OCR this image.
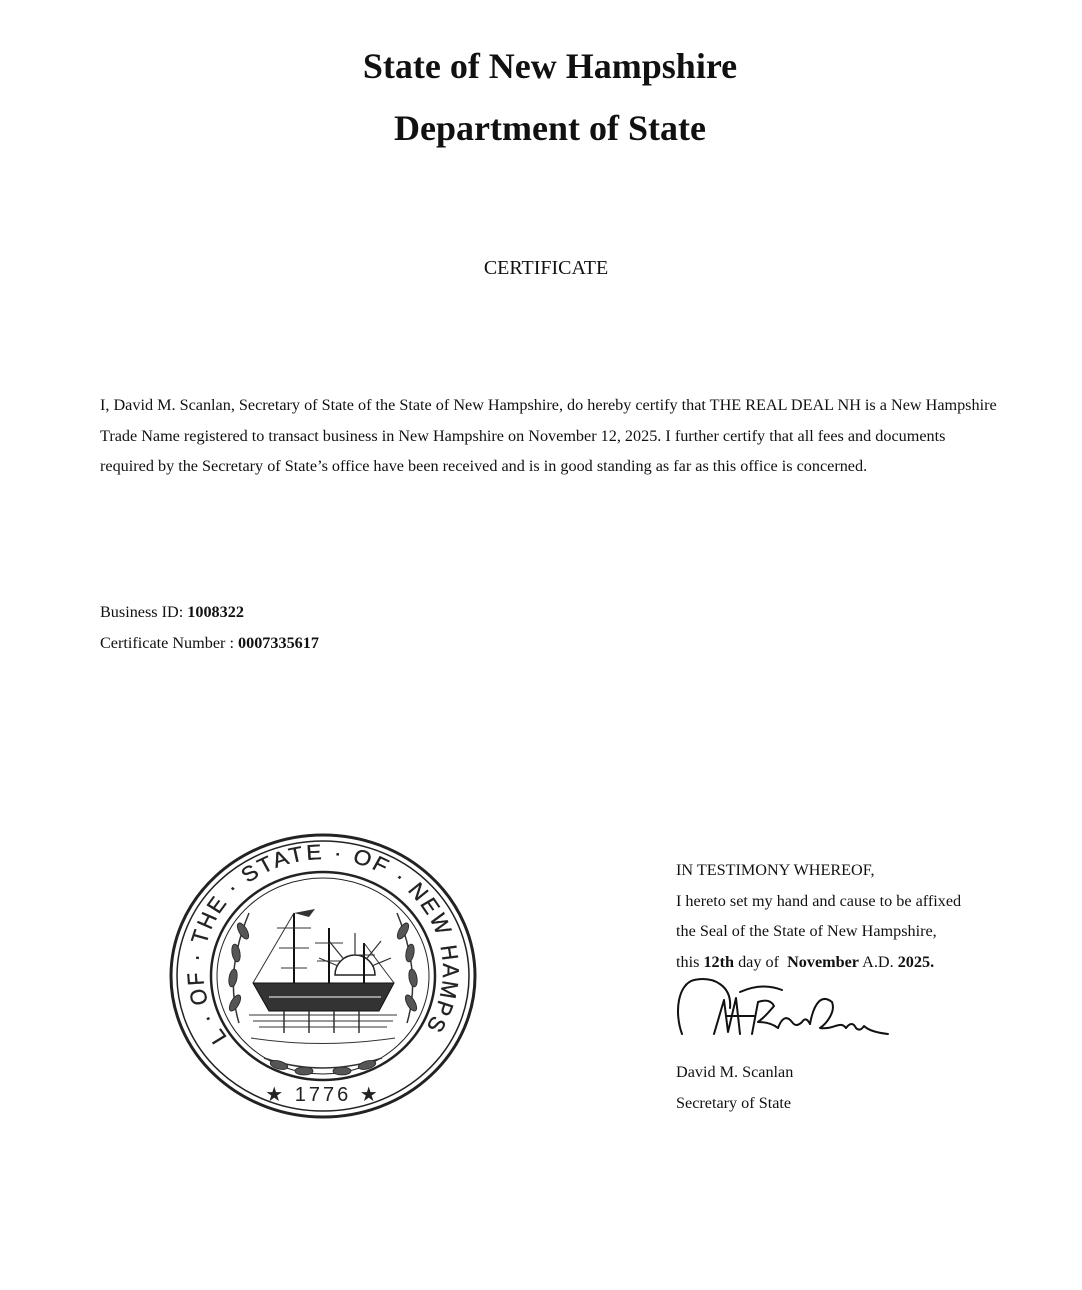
State of New Hampshire
Department of State
CERTIFICATE
I, David M. Scanlan, Secretary of State of the State of New Hampshire, do hereby certify that THE REAL DEAL NH is a New Hampshire Trade Name registered to transact business in New Hampshire on November 12, 2025. I further certify that all fees and documents required by the Secretary of State’s office have been received and is in good standing as far as this office is concerned.
Business ID: 1008322
Certificate Number : 0007335617
L · OF · THE · STATE · OF · NEW HAMPS
★ 1776 ★
IN TESTIMONY WHEREOF,
I hereto set my hand and cause to be affixed
the Seal of the State of New Hampshire,
this 12th day of  November A.D. 2025.
David M. Scanlan
Secretary of State
